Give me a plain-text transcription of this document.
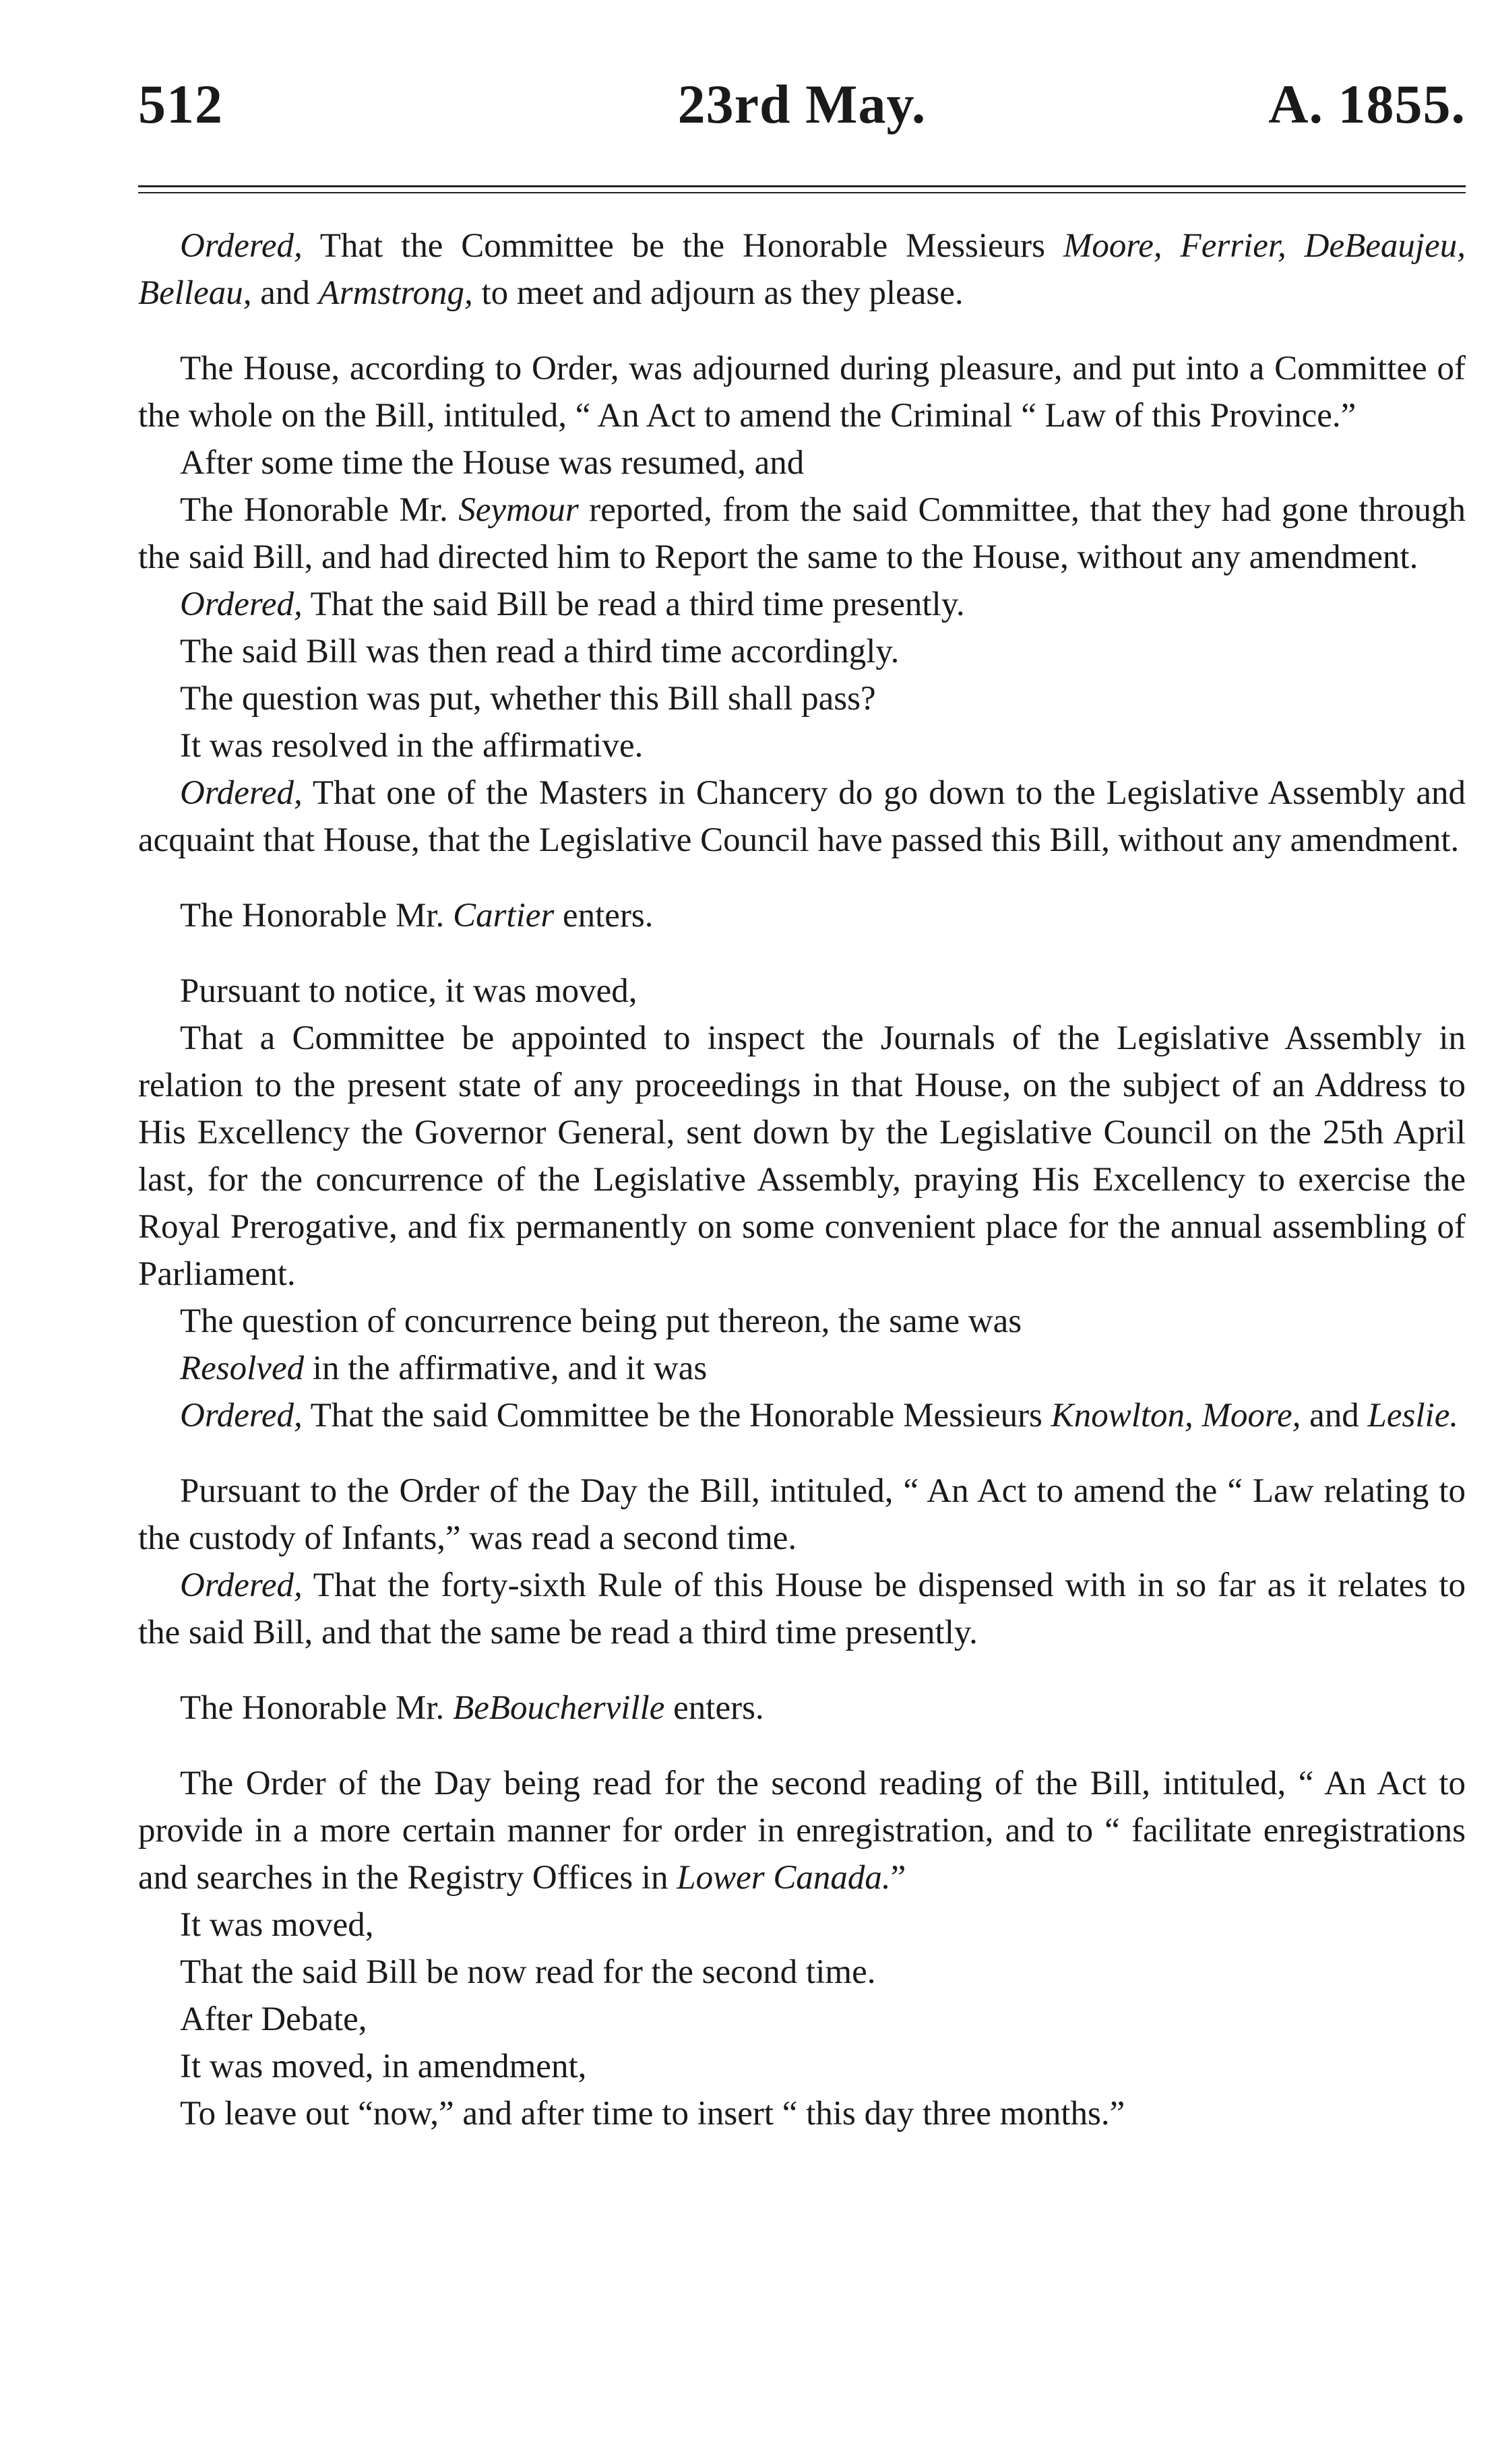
512	23rd May.	A. 1855.

Ordered, That the Committee be the Honorable Messieurs Moore, Ferrier, DeBeaujeu, Belleau, and Armstrong, to meet and adjourn as they please.

The House, according to Order, was adjourned during pleasure, and put into a Committee of the whole on the Bill, intituled, “ An Act to amend the Criminal “ Law of this Province.”

After some time the House was resumed, and

The Honorable Mr. Seymour reported, from the said Committee, that they had gone through the said Bill, and had directed him to Report the same to the House, without any amendment.

Ordered, That the said Bill be read a third time presently.

The said Bill was then read a third time accordingly.

The question was put, whether this Bill shall pass?

It was resolved in the affirmative.

Ordered, That one of the Masters in Chancery do go down to the Legislative Assembly and acquaint that House, that the Legislative Council have passed this Bill, without any amendment.

The Honorable Mr. Cartier enters.

Pursuant to notice, it was moved,

That a Committee be appointed to inspect the Journals of the Legislative Assembly in relation to the present state of any proceedings in that House, on the subject of an Address to His Excellency the Governor General, sent down by the Legislative Council on the 25th April last, for the concurrence of the Legislative Assembly, praying His Excellency to exercise the Royal Prerogative, and fix permanently on some convenient place for the annual assembling of Parliament.

The question of concurrence being put thereon, the same was

Resolved in the affirmative, and it was

Ordered, That the said Committee be the Honorable Messieurs Knowlton, Moore, and Leslie.

Pursuant to the Order of the Day the Bill, intituled, “ An Act to amend the “ Law relating to the custody of Infants,” was read a second time.

Ordered, That the forty-sixth Rule of this House be dispensed with in so far as it relates to the said Bill, and that the same be read a third time presently.

The Honorable Mr. BeBoucherville enters.

The Order of the Day being read for the second reading of the Bill, intituled, “ An Act to provide in a more certain manner for order in enregistration, and to “ facilitate enregistrations and searches in the Registry Offices in Lower Canada.”

It was moved,

That the said Bill be now read for the second time.

After Debate,

It was moved, in amendment,

To leave out “now,” and after time to insert “ this day three months.”
